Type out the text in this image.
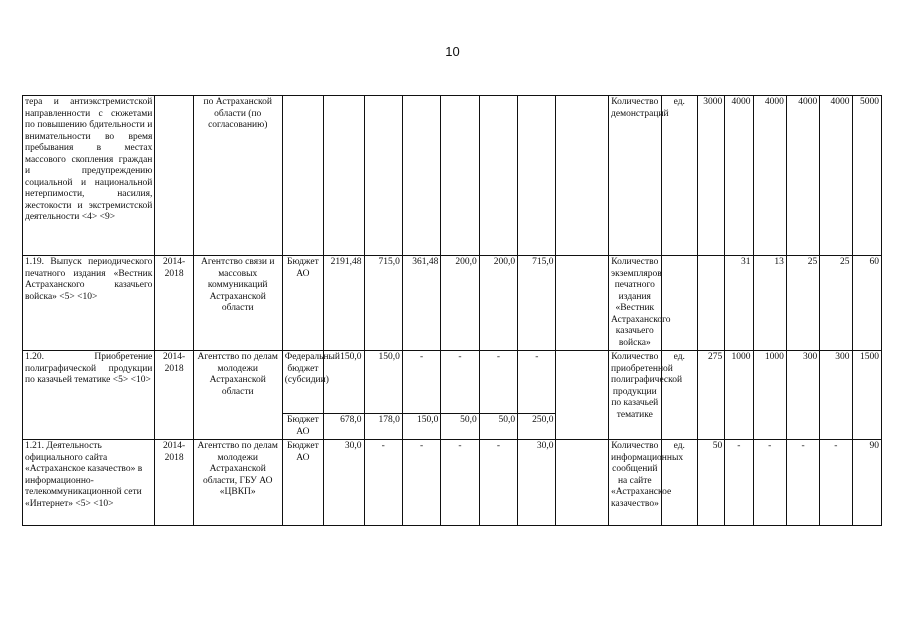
10
тера и антиэкстремистской направленности с сюжетами по повышению бдительности и внимательности во время пребывания в местах массового скопления граждан и предупреждению социальной и национальной нетерпимости, насилия, жестокости и экстремистской деятельности <4> <9>		по Астраханской области (по согласованию)									Количество демонстраций	ед.	3000	4000	4000	4000	4000	5000
1.19. Выпуск периодического печатного издания «Вестник Астраханского казачьего войска» <5> <10>	2014-2018	Агентство связи и массовых коммуникаций Астраханской области	Бюджет АО	2191,48	715,0	361,48	200,0	200,0	715,0		Количество экземпляров печатного издания «Вестник Астраханского казачьего войска»			31	13	25	25	60
1.20. Приобретение полиграфической продукции по казачьей тематике <5> <10>	2014-2018	Агентство по делам молодежи Астраханской области	Федеральный бюджет (субсидии)	150,0	150,0	-	-	-	-		Количество приобретенной полиграфической продукции по казачьей тематике	ед.	275	1000	1000	300	300	1500
			Бюджет АО	678,0	178,0	150,0	50,0	50,0	250,0									
1.21. Деятельность официального сайта «Астраханское казачество» в информационно-телекоммуникационной сети «Интернет» <5> <10>	2014-2018	Агентство по делам молодежи Астраханской области, ГБУ АО «ЦВКП»	Бюджет АО	30,0	-	-	-	-	30,0		Количество информационных сообщений на сайте «Астраханское казачество»	ед.	50	-	-	-	-	90
